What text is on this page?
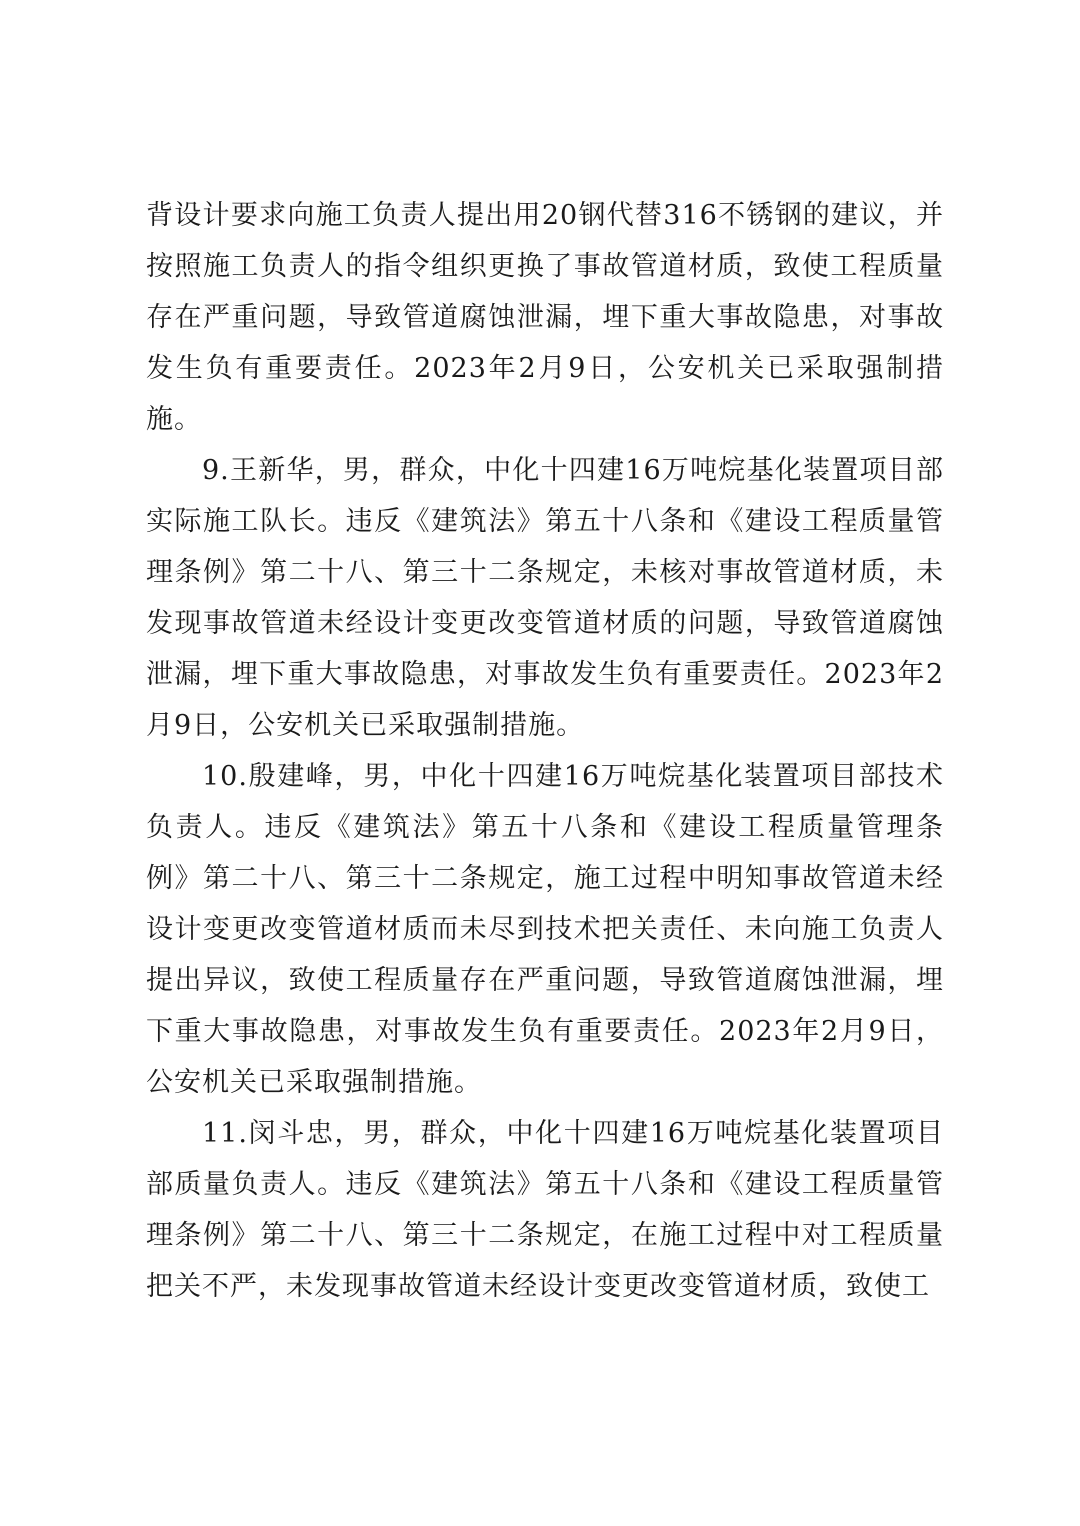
背设计要求向施工负责人提出用20钢代替316不锈钢的建议，并按照施工负责人的指令组织更换了事故管道材质，致使工程质量存在严重问题，导致管道腐蚀泄漏，埋下重大事故隐患，对事故发生负有重要责任。2023年2月9日，公安机关已采取强制措施。

9.王新华，男，群众，中化十四建16万吨烷基化装置项目部实际施工队长。违反《建筑法》第五十八条和《建设工程质量管理条例》第二十八、第三十二条规定，未核对事故管道材质，未发现事故管道未经设计变更改变管道材质的问题，导致管道腐蚀泄漏，埋下重大事故隐患，对事故发生负有重要责任。2023年2月9日，公安机关已采取强制措施。

10.殷建峰，男，中化十四建16万吨烷基化装置项目部技术负责人。违反《建筑法》第五十八条和《建设工程质量管理条例》第二十八、第三十二条规定，施工过程中明知事故管道未经设计变更改变管道材质而未尽到技术把关责任、未向施工负责人提出异议，致使工程质量存在严重问题，导致管道腐蚀泄漏，埋下重大事故隐患，对事故发生负有重要责任。2023年2月9日，公安机关已采取强制措施。

11.闵斗忠，男，群众，中化十四建16万吨烷基化装置项目部质量负责人。违反《建筑法》第五十八条和《建设工程质量管理条例》第二十八、第三十二条规定，在施工过程中对工程质量把关不严，未发现事故管道未经设计变更改变管道材质，致使工
